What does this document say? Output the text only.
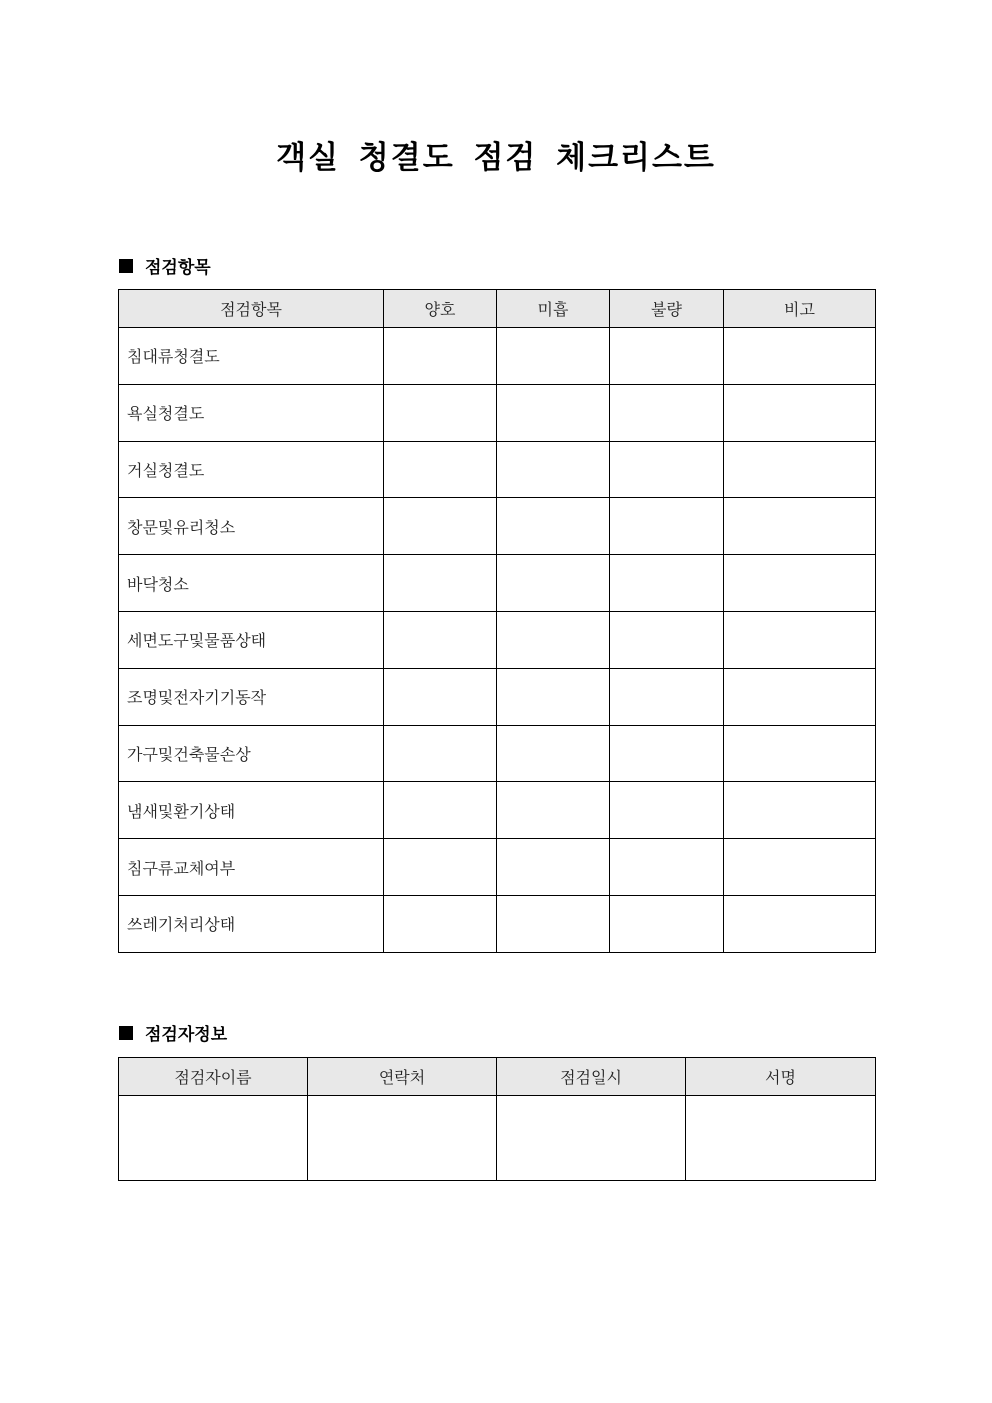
객실 청결도 점검 체크리스트
점검항목
점검항목	양호	미흡	불량	비고
침대류청결도				
욕실청결도				
거실청결도				
창문및유리청소				
바닥청소				
세면도구및물품상태				
조명및전자기기동작				
가구및건축물손상				
냄새및환기상태				
침구류교체여부				
쓰레기처리상태				
점검자정보
점검자이름	연락처	점검일시	서명
